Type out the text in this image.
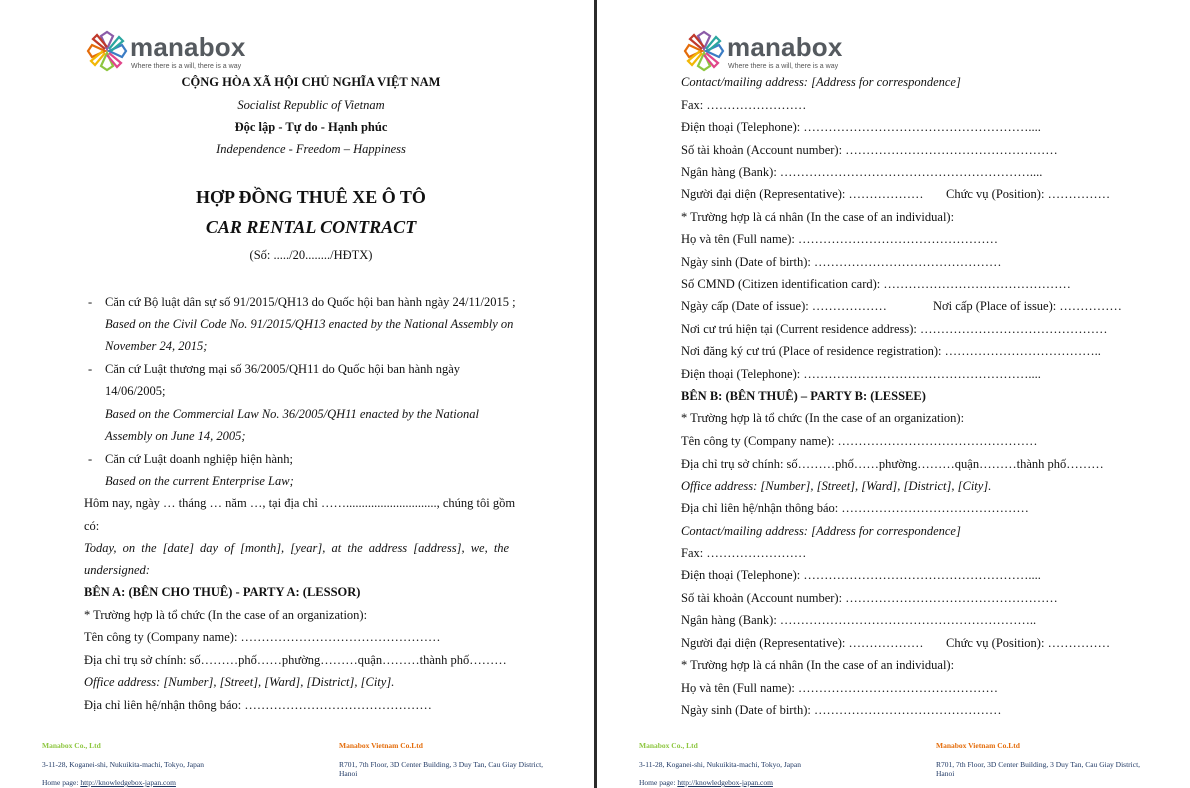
manabox
Where there is a will, there is a way
CỘNG HÒA XÃ HỘI CHỦ NGHĨA VIỆT NAM
Socialist Republic of Vietnam
Độc lập - Tự do - Hạnh phúc
Independence - Freedom – Happiness
HỢP ĐỒNG THUÊ XE Ô TÔ
CAR RENTAL CONTRACT
(Số: ...../20......../HĐTX)
- Căn cứ Bộ luật dân sự số 91/2015/QH13 do Quốc hội ban hành ngày 24/11/2015 ;
Based on the Civil Code No. 91/2015/QH13 enacted by the National Assembly on
November 24, 2015;
- Căn cứ Luật thương mại số 36/2005/QH11 do Quốc hội ban hành ngày
14/06/2005;
Based on the Commercial Law No. 36/2005/QH11 enacted by the National
Assembly on June 14, 2005;
- Căn cứ Luật doanh nghiệp hiện hành;
Based on the current Enterprise Law;
Hôm nay, ngày … tháng … năm …, tại địa chỉ ……............................., chúng tôi gồm
có:
Today, on the [date] day of [month], [year], at the address [address], we, the
undersigned:
BÊN A: (BÊN CHO THUÊ) - PARTY A: (LESSOR)
* Trường hợp là tổ chức (In the case of an organization):
Tên công ty (Company name): …………………………………………
Địa chỉ trụ sở chính: số………phố……phường………quận………thành phố………
Office address: [Number], [Street], [Ward], [District], [City].
Địa chỉ liên hệ/nhận thông báo: ………………………………………
Manabox Co., Ltd
3-11-28, Koganei-shi, Nukuikita-machi, Tokyo, Japan
Home page: http://knowledgebox-japan.com
Manabox Vietnam Co.Ltd
R701, 7th Floor, 3D Center Building, 3 Duy Tan, Cau Giay District,
Hanoi
manabox
Where there is a will, there is a way
Contact/mailing address: [Address for correspondence]
Fax: ……………………
Điện thoại (Telephone): ………………………………………………....
Số tài khoản (Account number): ……………………………………………
Ngân hàng (Bank): ……………………………………………………....
Người đại diện (Representative): ……………… Chức vụ (Position): ……………
* Trường hợp là cá nhân (In the case of an individual):
Họ và tên (Full name): …………………………………………
Ngày sinh (Date of birth): ………………………………………
Số CMND (Citizen identification card): ………………………………………
Ngày cấp (Date of issue): ………………	Nơi cấp (Place of issue): ……………
Nơi cư trú hiện tại (Current residence address): ………………………………………
Nơi đăng ký cư trú (Place of residence registration): ………………………………..
Điện thoại (Telephone): ………………………………………………....
BÊN B: (BÊN THUÊ) – PARTY B: (LESSEE)
* Trường hợp là tổ chức (In the case of an organization):
Tên công ty (Company name): …………………………………………
Địa chỉ trụ sở chính: số………phố……phường………quận………thành phố………
Office address: [Number], [Street], [Ward], [District], [City].
Địa chỉ liên hệ/nhận thông báo: ………………………………………
Contact/mailing address: [Address for correspondence]
Fax: ……………………
Điện thoại (Telephone): ………………………………………………....
Số tài khoản (Account number): ……………………………………………
Ngân hàng (Bank): ……………………………………………………..
Người đại diện (Representative): ……………… Chức vụ (Position): ……………
* Trường hợp là cá nhân (In the case of an individual):
Họ và tên (Full name): …………………………………………
Ngày sinh (Date of birth): ………………………………………
Manabox Co., Ltd
3-11-28, Koganei-shi, Nukuikita-machi, Tokyo, Japan
Home page: http://knowledgebox-japan.com
Manabox Vietnam Co.Ltd
R701, 7th Floor, 3D Center Building, 3 Duy Tan, Cau Giay District,
Hanoi
